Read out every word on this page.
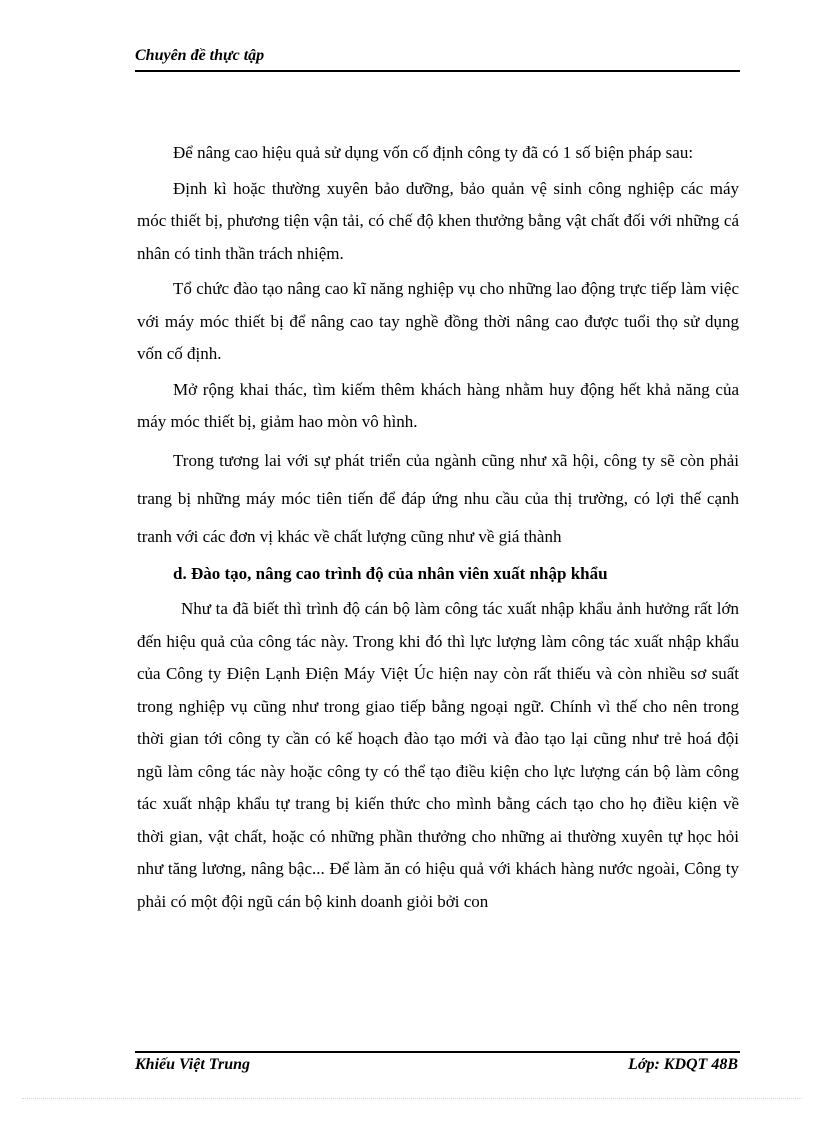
Chuyên đề thực tập

Để nâng cao hiệu quả sử dụng vốn cố định công ty đã có 1 số biện pháp sau:

Định kì hoặc thường xuyên bảo dưỡng, bảo quản vệ sinh công nghiệp các máy móc thiết bị, phương tiện vận tải, có chế độ khen thưởng bằng vật chất đối với những cá nhân có tinh thần trách nhiệm.

Tổ chức đào tạo nâng cao kĩ năng nghiệp vụ cho những lao động trực tiếp làm việc với máy móc thiết bị để nâng cao tay nghề đồng thời nâng cao được tuổi thọ sử dụng vốn cố định.

Mở rộng khai thác, tìm kiếm thêm khách hàng nhằm huy động hết khả năng của máy móc thiết bị, giảm hao mòn vô hình.

Trong tương lai với sự phát triển của ngành cũng như xã hội, công ty sẽ còn phải trang bị những máy móc tiên tiến để đáp ứng nhu cầu của thị trường, có lợi thế cạnh tranh với các đơn vị khác về chất lượng cũng như về giá thành

d. Đào tạo, nâng cao trình độ của nhân viên xuất nhập khẩu

Như ta đã biết thì trình độ cán bộ làm công tác xuất nhập khẩu ảnh hưởng rất lớn đến hiệu quả của công tác này. Trong khi đó thì lực lượng làm công tác xuất nhập khẩu của Công ty Điện Lạnh Điện Máy Việt Úc hiện nay còn rất thiếu và còn nhiều sơ suất trong nghiệp vụ cũng như trong giao tiếp bằng ngoại ngữ. Chính vì thế cho nên trong thời gian tới công ty cần có kế hoạch đào tạo mới và đào tạo lại cũng như trẻ hoá đội ngũ làm công tác này hoặc công ty có thể tạo điều kiện cho lực lượng cán bộ làm công tác xuất nhập khẩu tự trang bị kiến thức cho mình bằng cách tạo cho họ điều kiện về thời gian, vật chất, hoặc có những phần thưởng cho những ai thường xuyên tự học hỏi như tăng lương, nâng bậc... Để làm ăn có hiệu quả với khách hàng nước ngoài, Công ty phải có một đội ngũ cán bộ kinh doanh giỏi bởi con

Khiếu Việt Trung	Lớp: KDQT 48B
